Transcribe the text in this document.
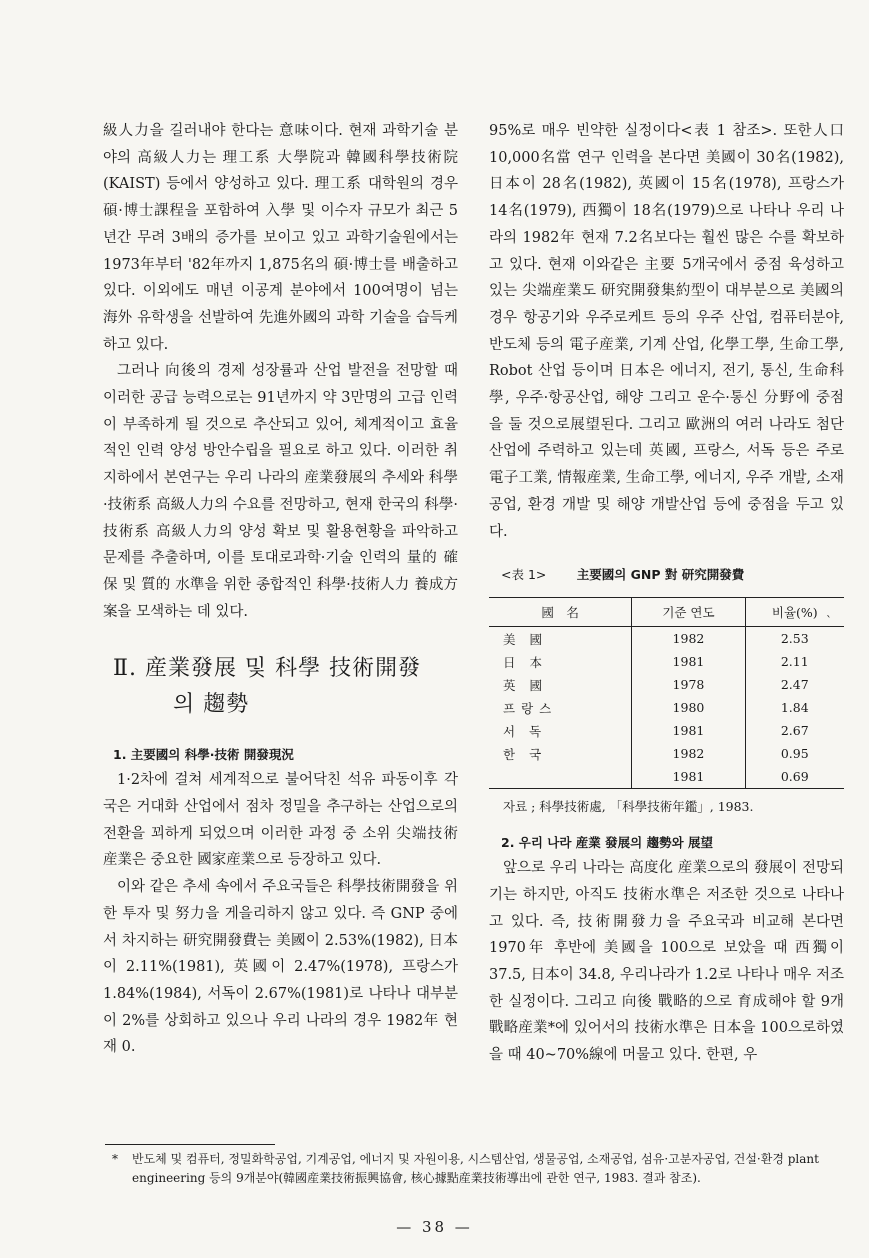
級人力을 길러내야 한다는 意味이다. 현재 과학기술 분야의 高級人力는 理工系 大學院과 韓國科學技術院(KAIST) 등에서 양성하고 있다. 理工系 대학원의 경우 碩·博士課程을 포함하여 入學 및 이수자 규모가 최근 5년간 무려 3배의 증가를 보이고 있고 과학기술원에서는 1973年부터 '82年까지 1,875名의 碩·博士를 배출하고 있다. 이외에도 매년 이공계 분야에서 100여명이 넘는 海外 유학생을 선발하여 先進外國의 과학 기술을 습득케 하고 있다.

그러나 向後의 경제 성장률과 산업 발전을 전망할 때 이러한 공급 능력으로는 91년까지 약 3만명의 고급 인력이 부족하게 될 것으로 추산되고 있어, 체계적이고 효율적인 인력 양성 방안수립을 필요로 하고 있다. 이러한 취지하에서 본연구는 우리 나라의 産業發展의 추세와 科學·技術系 高級人力의 수요를 전망하고, 현재 한국의 科學·技術系 高級人力의 양성 확보 및 활용현황을 파악하고 문제를 추출하며, 이를 토대로과학·기술 인력의 量的 確保 및 質的 水準을 위한 종합적인 科學·技術人力 養成方案을 모색하는 데 있다.

Ⅱ. 産業發展 및 科學 技術開發
의 趨勢
1. 主要國의 科學·技術 開發現況

1·2차에 걸쳐 세계적으로 불어닥친 석유 파동이후 각국은 거대화 산업에서 점차 정밀을 추구하는 산업으로의 전환을 꾀하게 되었으며 이러한 과정 중 소위 尖端技術産業은 중요한 國家産業으로 등장하고 있다.

이와 같은 추세 속에서 주요국들은 科學技術開發을 위한 투자 및 努力을 게을리하지 않고 있다. 즉 GNP 중에서 차지하는 研究開發費는 美國이 2.53%(1982), 日本이 2.11%(1981), 英國이 2.47%(1978), 프랑스가 1.84%(1984), 서독이 2.67%(1981)로 나타나 대부분이 2%를 상회하고 있으나 우리 나라의 경우 1982年 현재 0.

95%로 매우 빈약한 실정이다<表 1 참조>. 또한人口 10,000名當 연구 인력을 본다면 美國이 30名(1982), 日本이 28名(1982), 英國이 15名(1978), 프랑스가 14名(1979), 西獨이 18名(1979)으로 나타나 우리 나라의 1982年 현재 7.2名보다는 훨씬 많은 수를 확보하고 있다. 현재 이와같은 主要 5개국에서 중점 육성하고 있는 尖端産業도 研究開發集約型이 대부분으로 美國의 경우 항공기와 우주로케트 등의 우주 산업, 컴퓨터분야, 반도체 등의 電子産業, 기계 산업, 化學工學, 生命工學, Robot 산업 등이며 日本은 에너지, 전기, 통신, 生命科學, 우주·항공산업, 해양 그리고 운수·통신 分野에 중점을 둘 것으로展望된다. 그리고 歐洲의 여러 나라도 첨단 산업에 주력하고 있는데 英國, 프랑스, 서독 등은 주로 電子工業, 情報産業, 生命工學, 에너지, 우주 개발, 소재 공업, 환경 개발 및 해양 개발산업 등에 중점을 두고 있다.

<表 1> 主要國의 GNP 對 研究開發費
國　名	기준 연도	비율(%)
美國	1982	2.53
日本	1981	2.11
英國	1978	2.47
프랑스	1980	1.84
서독	1981	2.67
한국	1982	0.95
	1981	0.69
자료 ; 科學技術處, 「科學技術年鑑」, 1983.
2. 우리 나라 産業 發展의 趨勢와 展望

앞으로 우리 나라는 高度化 産業으로의 發展이 전망되기는 하지만, 아직도 技術水準은 저조한 것으로 나타나고 있다. 즉, 技術開發力을 주요국과 비교해 본다면 1970年 후반에 美國을 100으로 보았을 때 西獨이 37.5, 日本이 34.8, 우리나라가 1.2로 나타나 매우 저조한 실정이다. 그리고 向後 戰略的으로 育成해야 할 9개 戰略産業*에 있어서의 技術水準은 日本을 100으로하였을 때 40~70%線에 머물고 있다. 한편, 우

`
*	반도체 및 컴퓨터, 정밀화학공업, 기계공업, 에너지 및 자원이용, 시스템산업, 생물공업, 소재공업, 섬유·고분자공업, 건설·환경 plant engineering 등의 9개분야(韓國産業技術振興協會, 核心據點産業技術導出에 관한 연구, 1983. 결과 참조).
— 38 —
